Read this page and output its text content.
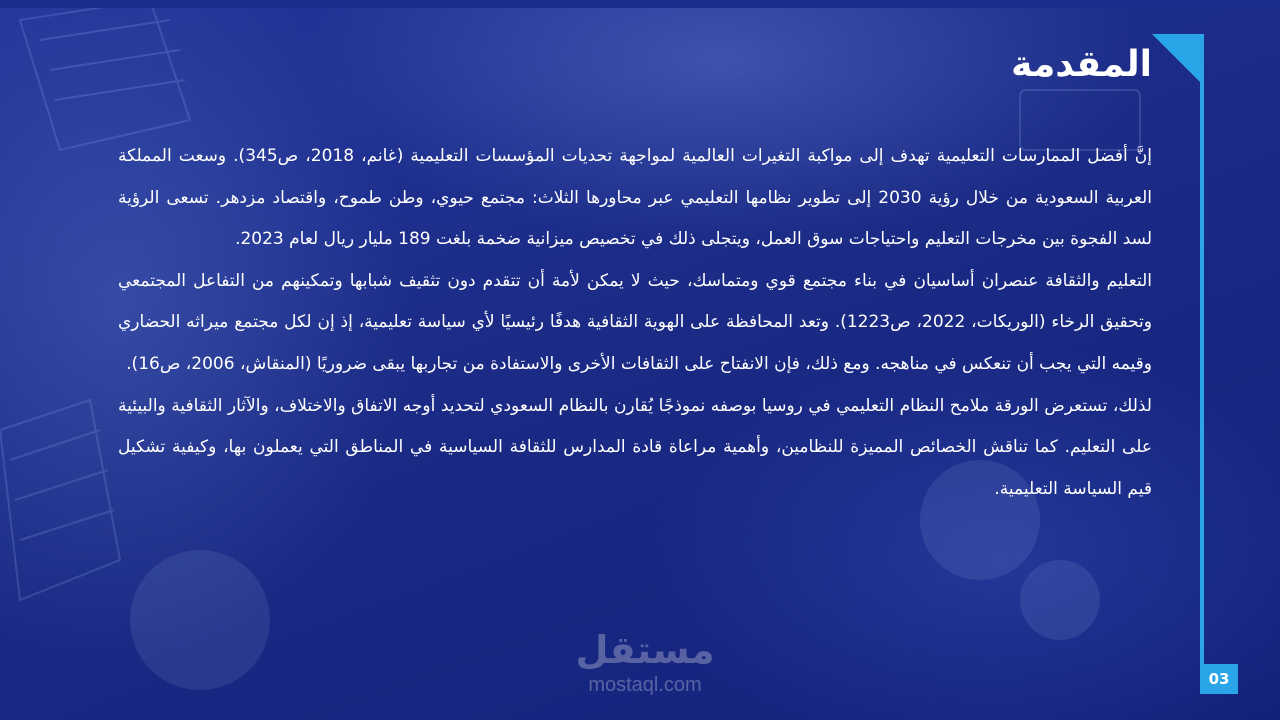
المقدمة

إنَّ أفضل الممارسات التعليمية تهدف إلى مواكبة التغيرات العالمية لمواجهة تحديات المؤسسات التعليمية (غانم، 2018، ص345). وسعت المملكة العربية السعودية من خلال رؤية 2030 إلى تطوير نظامها التعليمي عبر محاورها الثلاث: مجتمع حيوي، وطن طموح، واقتصاد مزدهر. تسعى الرؤية لسد الفجوة بين مخرجات التعليم واحتياجات سوق العمل، ويتجلى ذلك في تخصيص ميزانية ضخمة بلغت 189 مليار ريال لعام 2023.

التعليم والثقافة عنصران أساسيان في بناء مجتمع قوي ومتماسك، حيث لا يمكن لأمة أن تتقدم دون تثقيف شبابها وتمكينهم من التفاعل المجتمعي وتحقيق الرخاء (الوريكات، 2022، ص1223). وتعد المحافظة على الهوية الثقافية هدفًا رئيسيًا لأي سياسة تعليمية، إذ إن لكل مجتمع ميراثه الحضاري وقيمه التي يجب أن تنعكس في مناهجه. ومع ذلك، فإن الانفتاح على الثقافات الأخرى والاستفادة من تجاربها يبقى ضروريًا (المنقاش، 2006، ص16).

لذلك، تستعرض الورقة ملامح النظام التعليمي في روسيا بوصفه نموذجًا يُقارن بالنظام السعودي لتحديد أوجه الاتفاق والاختلاف، والآثار الثقافية والبيئية على التعليم. كما تناقش الخصائص المميزة للنظامين، وأهمية مراعاة قادة المدارس للثقافة السياسية في المناطق التي يعملون بها، وكيفية تشكيل قيم السياسة التعليمية.

مستقل
mostaql.com	03
